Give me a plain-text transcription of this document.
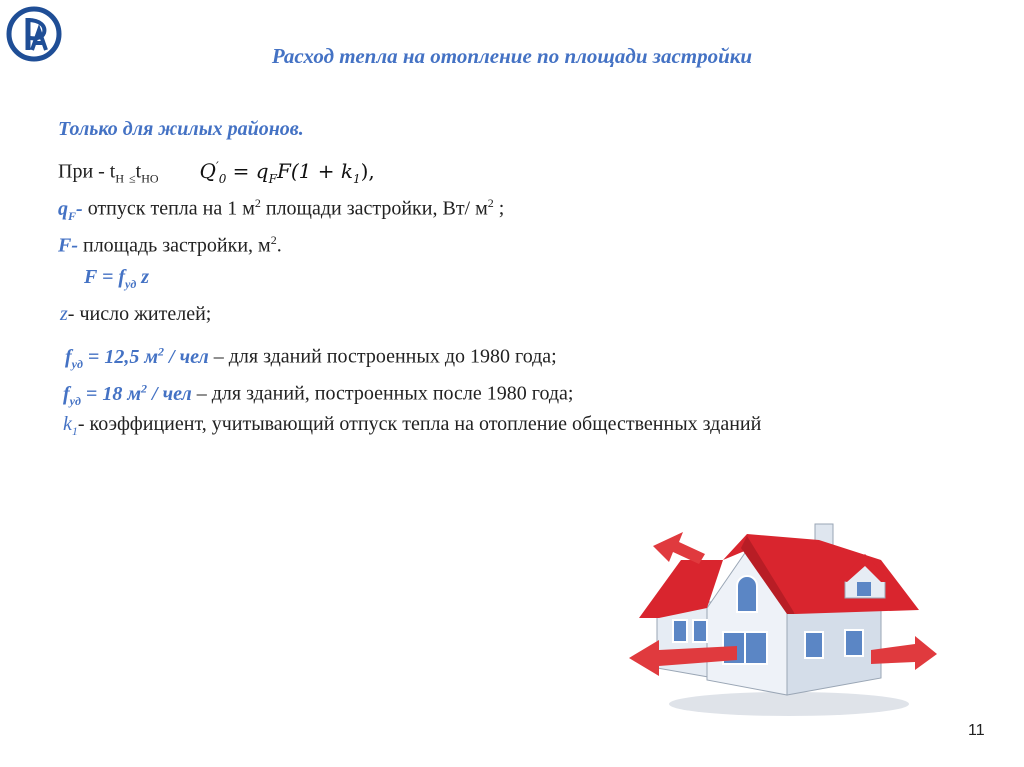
Расход тепла на отопление по площади застройки
Только для жилых районов.
При - $t_Н$ $_\le t_{НО}$ $Q'_0 = q_FF(1 + k_1)$,
$q_F-$ отпуск тепла на 1 $м^2$ площади застройки, Вт/ $м^2$ ;
F- площадь застройки, $м^2$.
$F = f_{уд}$ z
z- число жителей;
$f_{уд} = 12,5$ $м^2$ / чел – для зданий построенных до 1980 года;
$f_{уд} = 18$ $м^2$ / чел – для зданий, построенных после 1980 года;
$k_1-$ коэффициент, учитывающий отпуск тепла на отопление общественных зданий
11
